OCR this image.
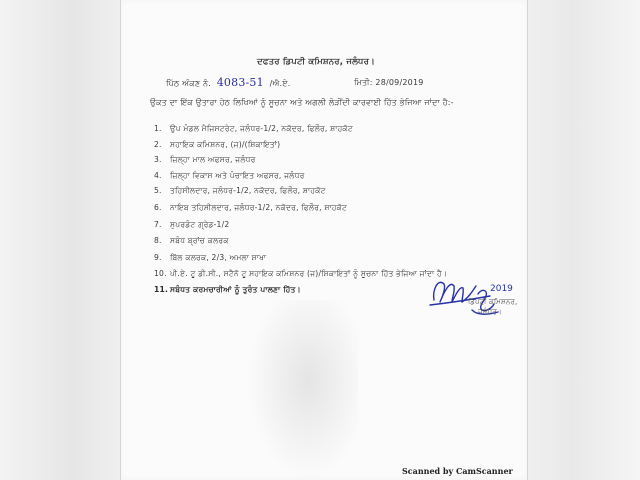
ਦਫਤਰ ਡਿਪਟੀ ਕਮਿਸ਼ਨਰ, ਜਲੰਧਰ।
ਪਿੱਠ ਅੰਕਣ ਨੰ. 4083-51 /ਐ.ਏ.	ਮਿਤੀ: 28/09/2019
ਉਕਤ ਦਾ ਇੱਕ ਉਤਾਰਾ ਹੇਠ ਲਿਖਿਆਂ ਨੂੰ ਸੂਚਨਾ ਅਤੇ ਅਗਲੀ ਲੋੜੀਂਦੀ ਕਾਰਵਾਈ ਹਿੱਤ ਭੇਜਿਆ ਜਾਂਦਾ ਹੈ:-
1. ਉਪ ਮੰਡਲ ਮੈਜਿਸਟਰੇਟ, ਜਲੰਧਰ-1/2, ਨਕੋਦਰ, ਫਿਲੌਰ, ਸ਼ਾਹਕੋਟ
2. ਸਹਾਇਕ ਕਮਿਸ਼ਨਰ, (ਜ)/(ਸ਼ਿਕਾਇਤਾਂ)
3. ਜ਼ਿਲ੍ਹਾ ਮਾਲ ਅਫਸਰ, ਜਲੰਧਰ
4. ਜ਼ਿਲ੍ਹਾ ਵਿਕਾਸ ਅਤੇ ਪੰਚਾਇਤ ਅਫਸਰ, ਜਲੰਧਰ
5. ਤਹਿਸੀਲਦਾਰ, ਜਲੰਧਰ-1/2, ਨਕੋਦਰ, ਫਿਲੌਰ, ਸ਼ਾਹਕੋਟ
6. ਨਾਇਬ ਤਹਿਸੀਲਦਾਰ, ਜਲੰਧਰ-1/2, ਨਕੋਦਰ, ਫਿਲੌਰ, ਸ਼ਾਹਕੋਟ
7. ਸੁਪਰਡੰਟ ਗ੍ਰੇਡ-1/2
8. ਸਬੰਧ ਬ੍ਰਾਂਚ ਕਲਰਕ
9. ਬਿੱਲ ਕਲਰਕ, 2/3, ਅਮਲਾ ਸ਼ਾਖਾ
10. ਪੀ.ਏ. ਟੂ ਡੀ.ਸੀ., ਸਟੈਨੋ ਟੂ ਸਹਾਇਕ ਕਮਿਸ਼ਨਰ (ਜ)/ਸ਼ਿਕਾਇਤਾਂ ਨੂੰ ਸੂਚਨਾ ਹਿੱਤ ਭੇਜਿਆ ਜਾਂਦਾ ਹੈ।
11. ਸਬੰਧਤ ਕਰਮਚਾਰੀਆਂ ਨੂੰ ਤੁਰੰਤ ਪਾਲਣਾ ਹਿੱਤ।	2019
ਡਿਪਟੀ ਕਮਿਸ਼ਨਰ,
ਜਲੰਧਰ।
Scanned by CamScanner
